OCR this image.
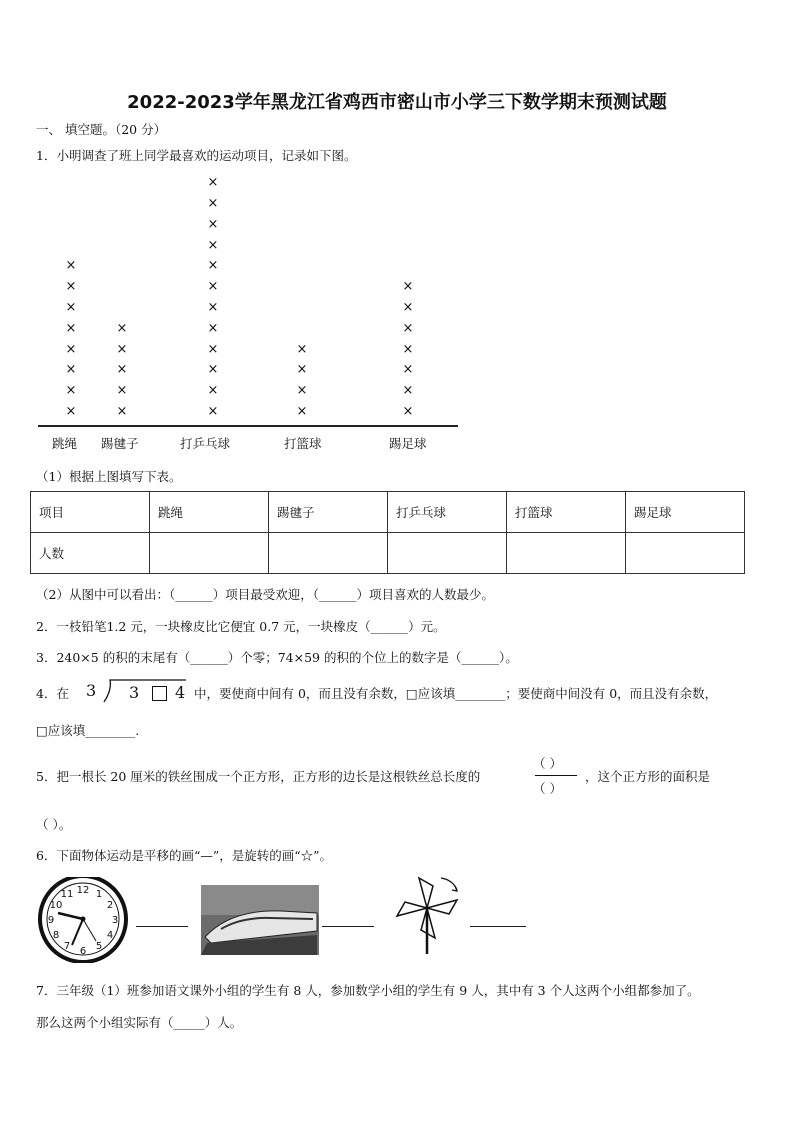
2022-2023学年黑龙江省鸡西市密山市小学三下数学期末预测试题
一、 填空题。（20 分）
1．小明调查了班上同学最喜欢的运动项目，记录如下图。
×
×
×
×
×
×
×
×
×
×
×
×
×
×
×
×
×
×
×
×
×
×
×
×
×
×
×
×
×
×
×
×
×
×
×
×
跳绳 踢毽子	打乒乓球	打篮球	踢足球
（1）根据上图填写下表。
项目	跳绳	踢毽子	打乒乓球	打篮球	踢足球
人数					
（2）从图中可以看出：（______）项目最受欢迎，（______）项目喜欢的人数最少。
2．一枝铅笔1.2 元，一块橡皮比它便宜 0.7 元，一块橡皮（______）元。
3．240×5 的积的末尾有（______）个零；74×59 的积的个位上的数字是（______）。
4．在 3 3 4 中，要使商中间有 0，而且没有余数，□应该填________；要使商中间没有 0，而且没有余数，
□应该填________.
5．把一根长 20 厘米的铁丝围成一个正方形，正方形的边长是这根铁丝总长度的
（ ）
（ ）
，这个正方形的面积是
（ ）。
6．下面物体运动是平移的画“—”，是旋转的画“☆”。
12 1
2
3
4
5
6
7
8
9
10
11
7．三年级（1）班参加语文课外小组的学生有 8 人，参加数学小组的学生有 9 人，其中有 3 个人这两个小组都参加了。
那么这两个小组实际有（_____）人。
